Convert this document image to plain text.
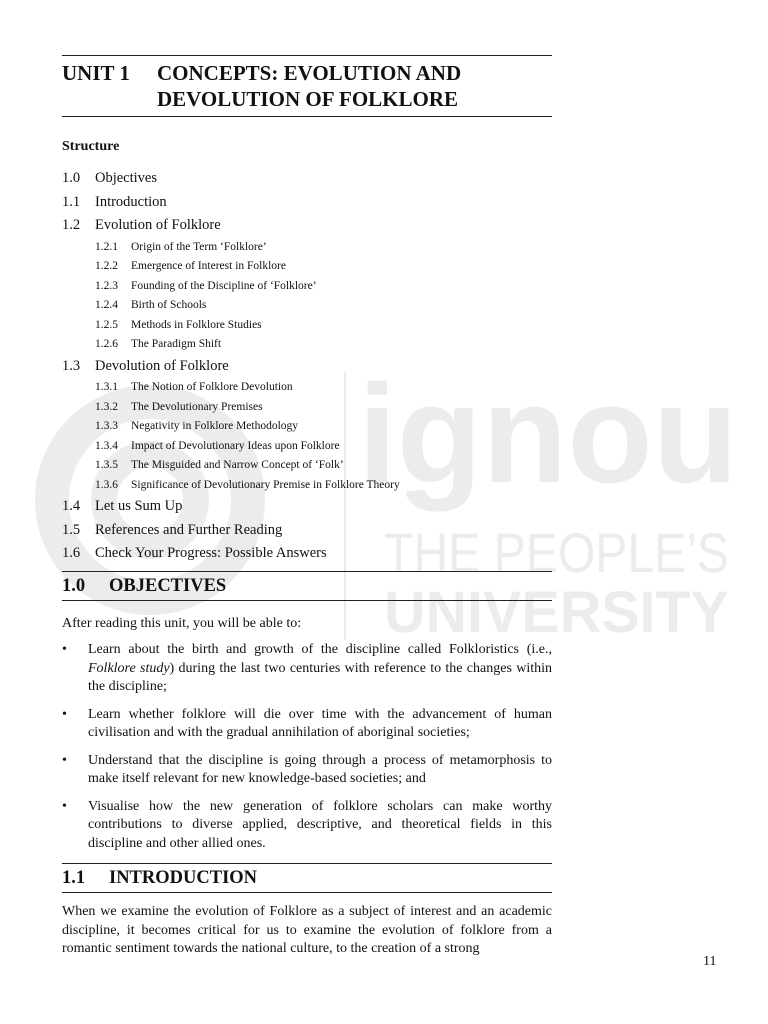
ignou
THE PEOPLE’S
UNIVERSITY
UNIT 1	CONCEPTS: EVOLUTION AND
DEVOLUTION OF FOLKLORE
Structure
1.0	Objectives
1.1	Introduction
1.2	Evolution of Folklore
1.2.1	Origin of the Term ‘Folklore’
1.2.2	Emergence of Interest in Folklore
1.2.3	Founding of the Discipline of ‘Folklore’
1.2.4	Birth of Schools
1.2.5	Methods in Folklore Studies
1.2.6	The Paradigm Shift
1.3	Devolution of Folklore
1.3.1	The Notion of Folklore Devolution
1.3.2	The Devolutionary Premises
1.3.3	Negativity in Folklore Methodology
1.3.4	Impact of Devolutionary Ideas upon Folklore
1.3.5	The Misguided and Narrow Concept of ‘Folk’
1.3.6	Significance of Devolutionary Premise in Folklore Theory
1.4	Let us Sum Up
1.5	References and Further Reading
1.6	Check Your Progress: Possible Answers
1.0	OBJECTIVES

After reading this unit, you will be able to:

• Learn about the birth and growth of the discipline called Folkloristics (i.e., Folklore study) during the last two centuries with reference to the changes within the discipline;
• Learn whether folklore will die over time with the advancement of human civilisation and with the gradual annihilation of aboriginal societies;
• Understand that the discipline is going through a process of metamorphosis to make itself relevant for new knowledge-based societies; and
• Visualise how the new generation of folklore scholars can make worthy contributions to diverse applied, descriptive, and theoretical fields in this discipline and other allied ones.
1.1	INTRODUCTION

When we examine the evolution of Folklore as a subject of interest and an academic discipline, it becomes critical for us to examine the evolution of folklore from a romantic sentiment towards the national culture, to the creation of a strong

11
